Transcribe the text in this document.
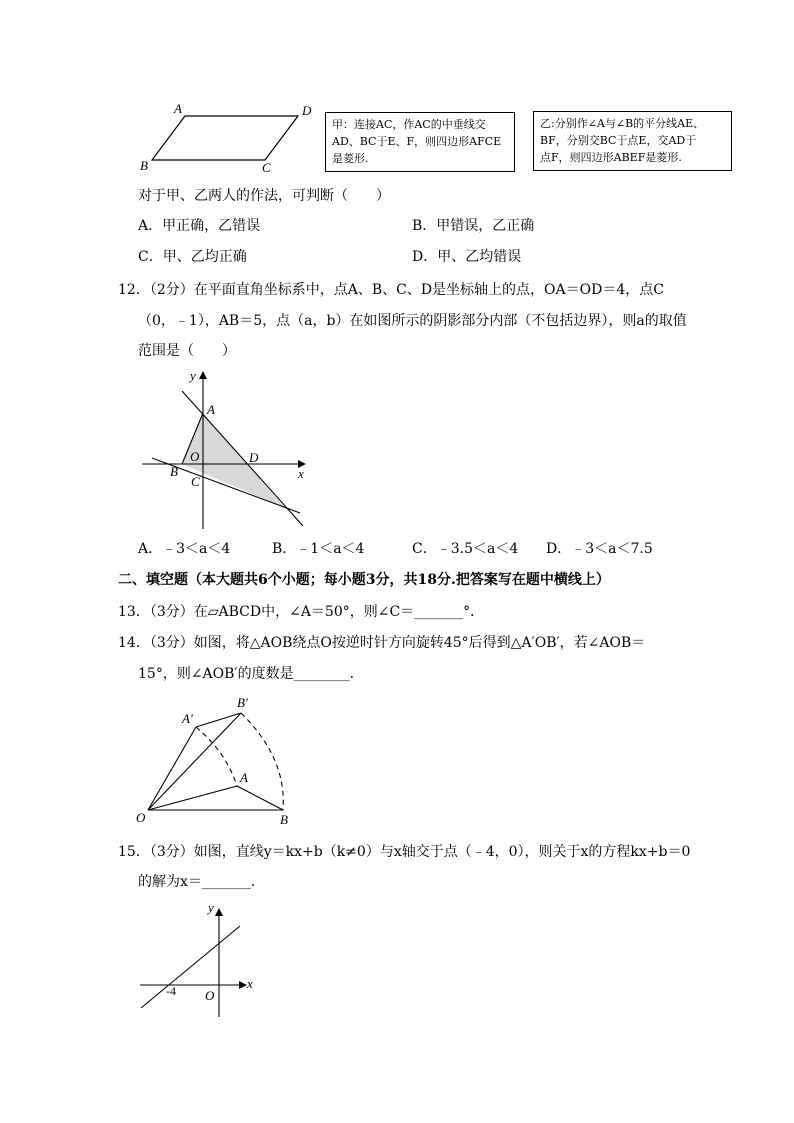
A	D
B	C
甲：连接AC，作AC的中垂线交
AD、BC于E、F，则四边形AFCE
是菱形.
乙:分别作∠A与∠B的平分线AE、
BF，分别交BC于点E，交AD于
点F，则四边形ABEF是菱形.
对于甲、乙两人的作法，可判断（　　）
A．甲正确，乙错误	B．甲错误，乙正确
C．甲、乙均正确	D．甲、乙均错误
12．（2分）在平面直角坐标系中，点A、B、C、D是坐标轴上的点，OA＝OD＝4，点C
（0，﹣1），AB＝5，点（a，b）在如图所示的阴影部分内部（不包括边界），则a的取值
范围是（　　）
y
x
A
O	D
B
C
A．﹣3＜a＜4	B．﹣1＜a＜4	C．﹣3.5＜a＜4 D．﹣3＜a＜7.5
二、填空题（本大题共6个小题；每小题3分，共18分.把答案写在题中横线上）
13．（3分）在▱ABCD中，∠A＝50°，则∠C＝_______°．
14．（3分）如图，将△AOB绕点O按逆时针方向旋转45°后得到△A′OB′，若∠AOB＝
15°，则∠AOB′的度数是________．
A′
B′
A
O	B
15．（3分）如图，直线y＝kx+b（k≠0）与x轴交于点（﹣4，0），则关于x的方程kx+b＝0
的解为x＝_______．
y
x
-4 O
